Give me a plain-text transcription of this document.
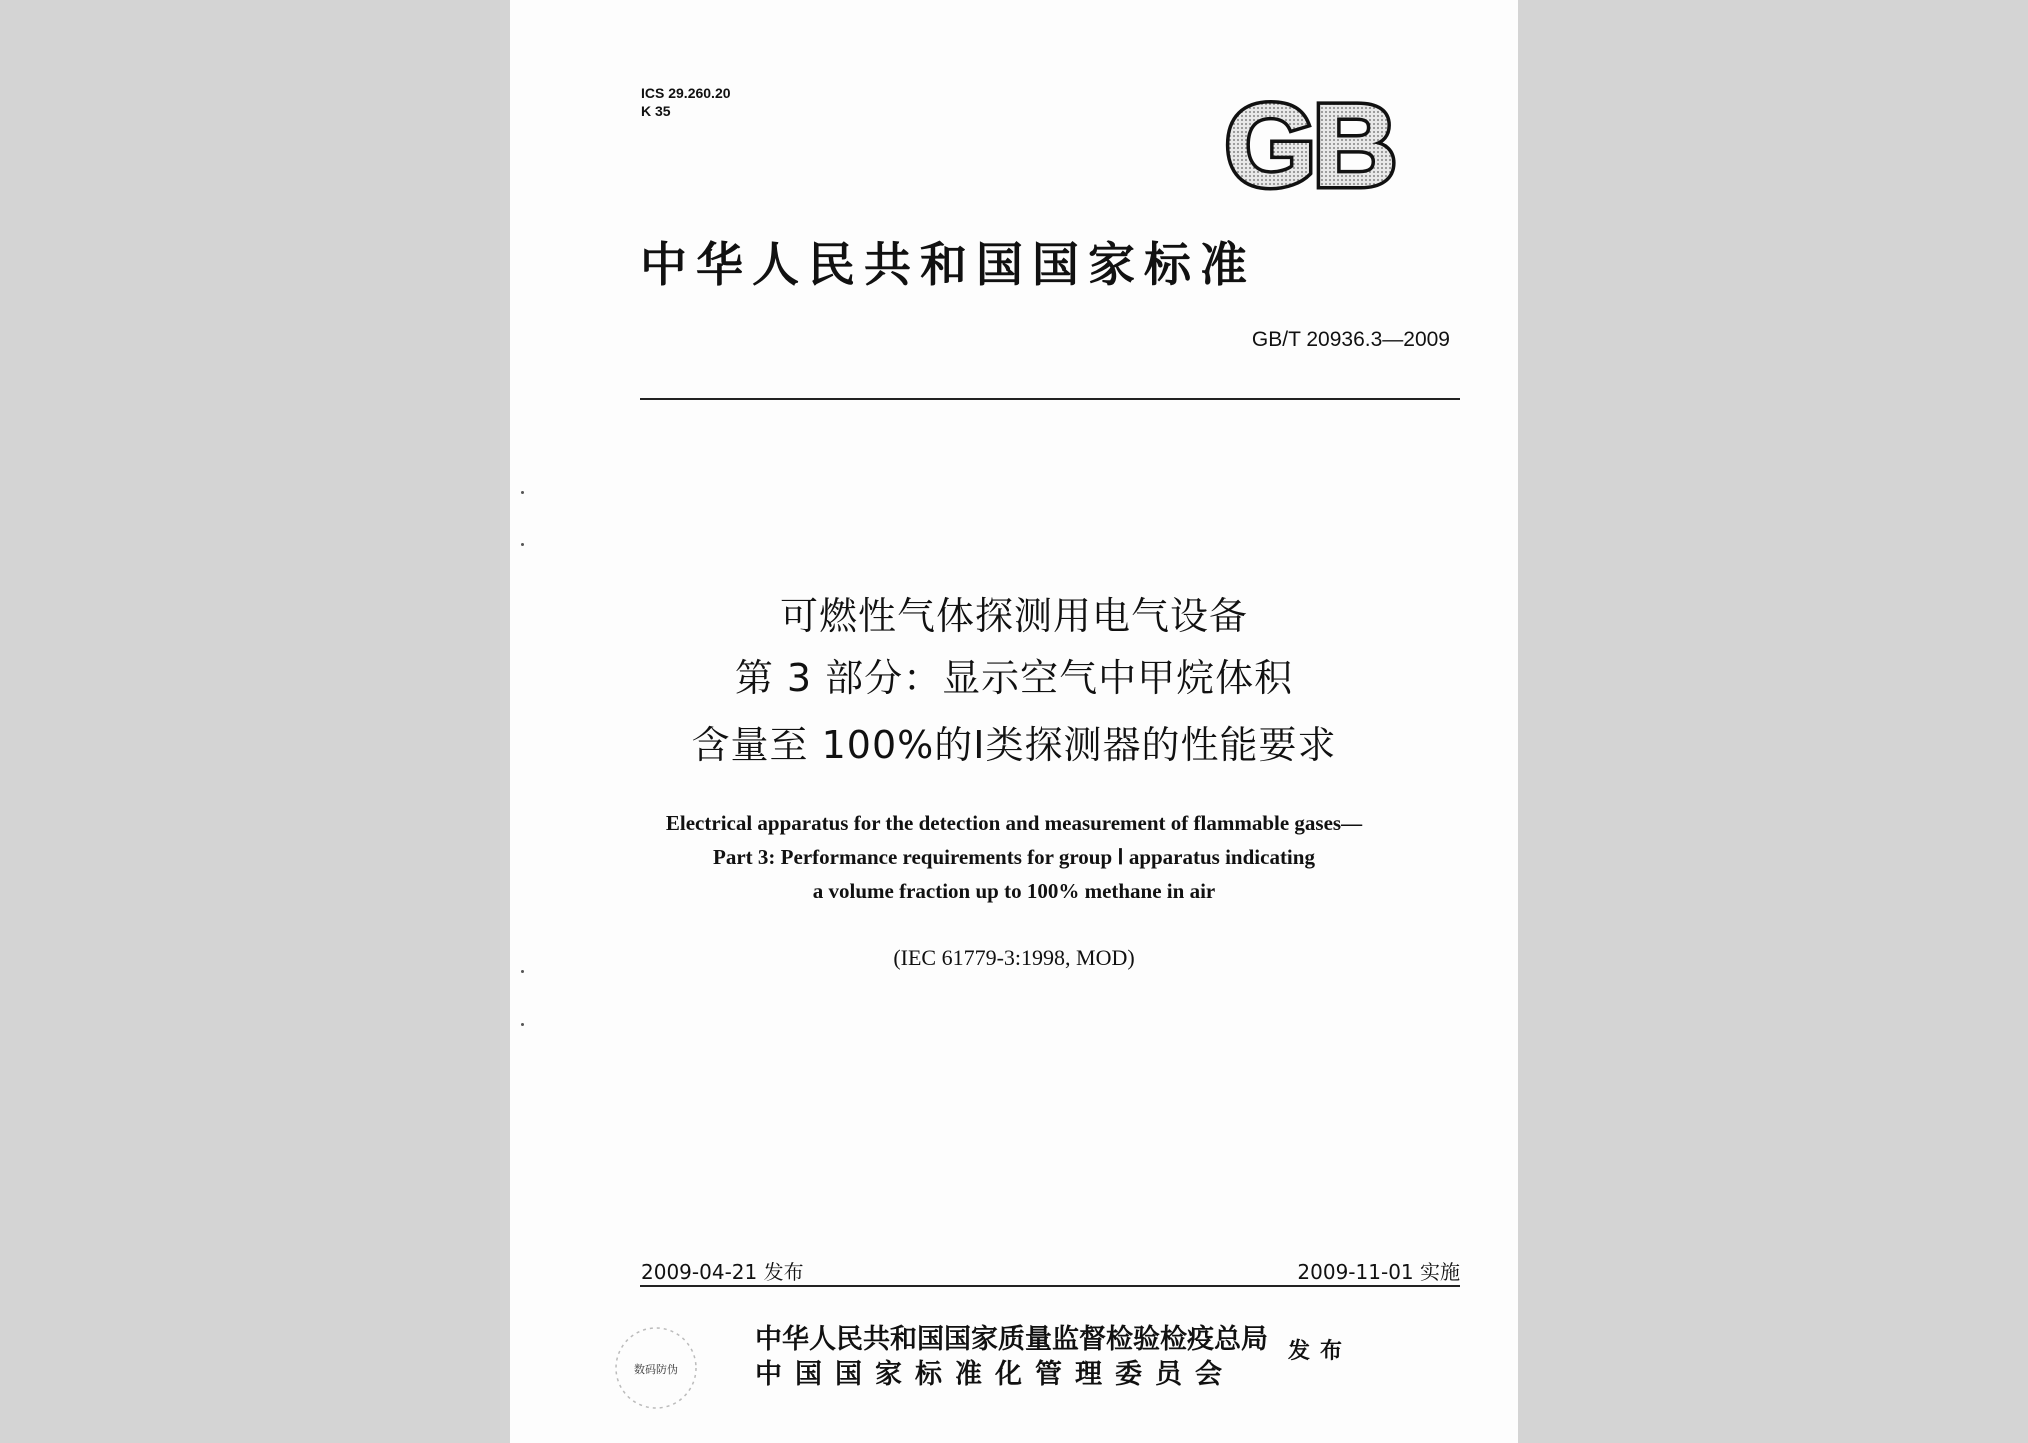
ICS 29.260.20
K 35	GB
中华人民共和国国家标准
GB/T 20936.3—2009
可燃性气体探测用电气设备
第 3 部分：显示空气中甲烷体积
含量至 100%的Ⅰ类探测器的性能要求
Electrical apparatus for the detection and measurement of flammable gases—
Part 3: Performance requirements for group Ⅰ apparatus indicating
a volume fraction up to 100% methane in air
(IEC 61779-3:1998, MOD)
2009-04-21 发布	2009-11-01 实施
数码防伪
中华人民共和国国家质量监督检验检疫总局
中国国家标准化管理委员会
发布
